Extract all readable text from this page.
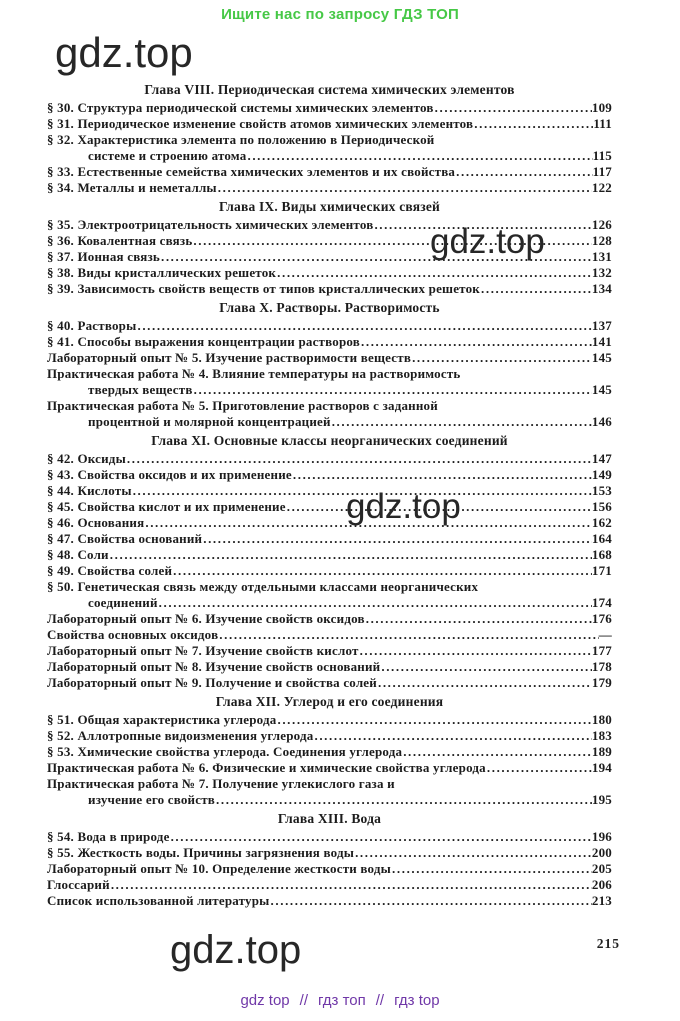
Ищите нас по запросу ГДЗ ТОП
gdz.top
gdz.top
gdz.top
gdz.top
Глава VIII. Периодическая система химических элементов
§ 30. Структура периодической системы химических элементов .....	109
§ 31. Периодическое изменение свойств атомов химических элементов .....	111
§ 32. Характеристика элемента по положению в Периодической
системе и строению атома .....	115
§ 33. Естественные семейства химических элементов и их свойства .....	117
§ 34. Металлы и неметаллы .....	122
Глава IX. Виды химических связей
§ 35. Электроотрицательность химических элементов .....	126
§ 36. Ковалентная связь .....	128
§ 37. Ионная связь .....	131
§ 38. Виды кристаллических решеток .....	132
§ 39. Зависимость свойств веществ от типов кристаллических решеток .....	134
Глава X. Растворы. Растворимость
§ 40. Растворы .....	137
§ 41. Способы выражения концентрации растворов .....	141
Лабораторный опыт № 5. Изучение растворимости веществ .....	145
Практическая работа № 4. Влияние температуры на растворимость
твердых веществ .....	145
Практическая работа № 5. Приготовление растворов с заданной
процентной и молярной концентрацией .....	146
Глава XI. Основные классы неорганических соединений
§ 42. Оксиды .....	147
§ 43. Свойства оксидов и их применение .....	149
§ 44. Кислоты .....	153
§ 45. Свойства кислот и их применение .....	156
§ 46. Основания .....	162
§ 47. Свойства оснований .....	164
§ 48. Соли .....	168
§ 49. Свойства солей .....	171
§ 50. Генетическая связь между отдельными классами неорганических
соединений .....	174
Лабораторный опыт № 6. Изучение свойств оксидов .....	176
Свойства основных оксидов .....	—
Лабораторный опыт № 7. Изучение свойств кислот .....	177
Лабораторный опыт № 8. Изучение свойств оснований .....	178
Лабораторный опыт № 9. Получение и свойства солей .....	179
Глава XII. Углерод и его соединения
§ 51. Общая характеристика углерода .....	180
§ 52. Аллотропные видоизменения углерода .....	183
§ 53. Химические свойства углерода. Соединения углерода .....	189
Практическая работа № 6. Физические и химические свойства углерода .....	194
Практическая работа № 7. Получение углекислого газа и
изучение его свойств .....	195
Глава XIII. Вода
§ 54. Вода в природе .....	196
§ 55. Жесткость воды. Причины загрязнения воды .....	200
Лабораторный опыт № 10. Определение жесткости воды .....	205
Глоссарий .....	206
Список использованной литературы .....	213
215
gdz top // гдз топ // гдз top
